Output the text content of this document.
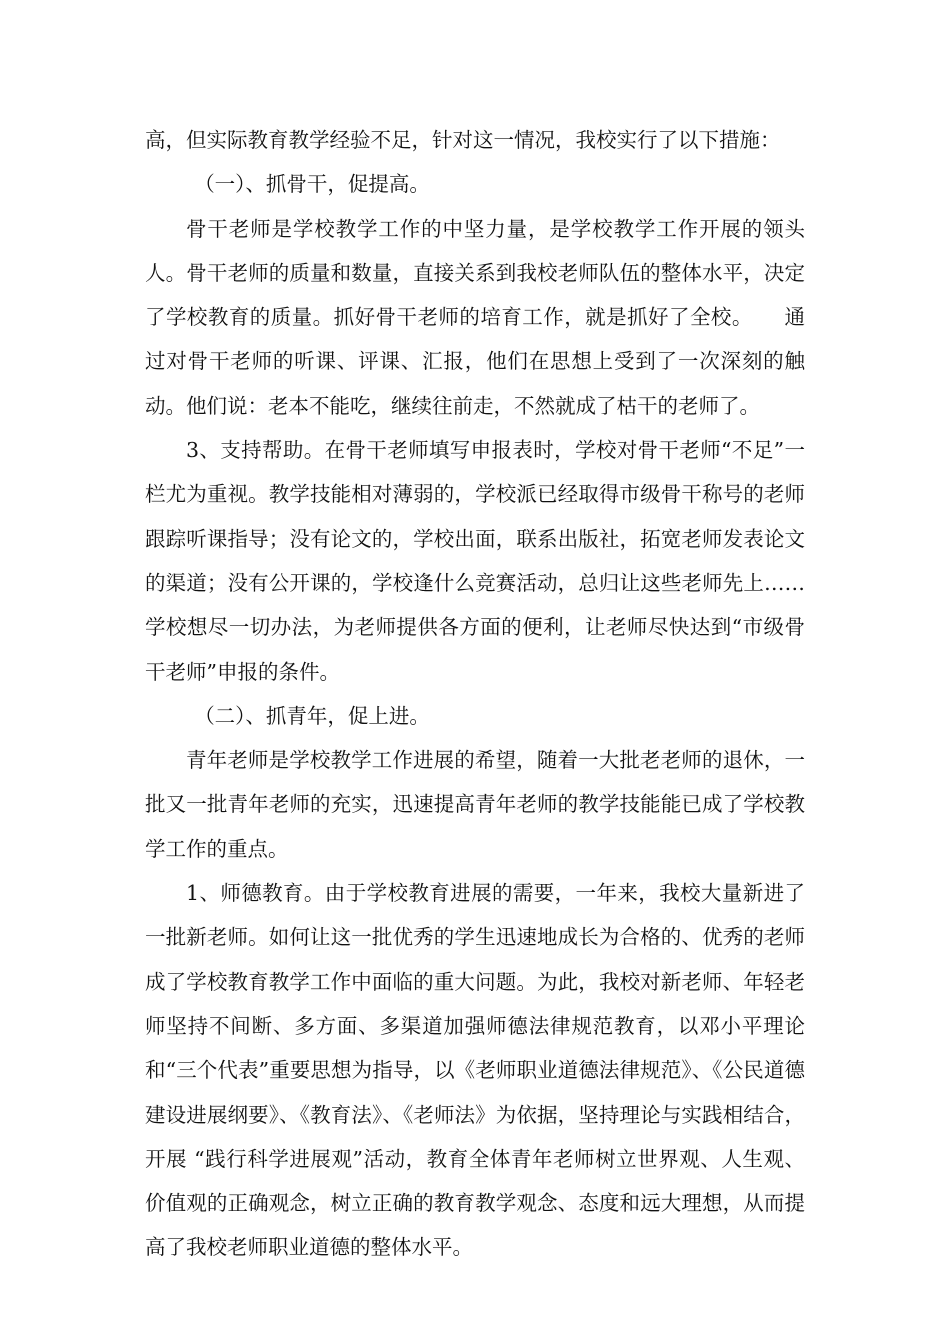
高，但实际教育教学经验不足，针对这一情况，我校实行了以下措施：

（一）、抓骨干，促提高。

骨干老师是学校教学工作的中坚力量，是学校教学工作开展的领头人。骨干老师的质量和数量，直接关系到我校老师队伍的整体水平，决定了学校教育的质量。抓好骨干老师的培育工作，就是抓好了全校。　　通过对骨干老师的听课、评课、汇报，他们在思想上受到了一次深刻的触动。他们说：老本不能吃，继续往前走，不然就成了枯干的老师了。

3、支持帮助。在骨干老师填写申报表时，学校对骨干老师“不足”一栏尤为重视。教学技能相对薄弱的，学校派已经取得市级骨干称号的老师跟踪听课指导；没有论文的，学校出面，联系出版社，拓宽老师发表论文的渠道；没有公开课的，学校逢什么竞赛活动，总归让这些老师先上……学校想尽一切办法，为老师提供各方面的便利，让老师尽快达到“市级骨干老师”申报的条件。

（二）、抓青年，促上进。

青年老师是学校教学工作进展的希望，随着一大批老老师的退休，一批又一批青年老师的充实，迅速提高青年老师的教学技能能已成了学校教学工作的重点。

1、师德教育。由于学校教育进展的需要，一年来，我校大量新进了一批新老师。如何让这一批优秀的学生迅速地成长为合格的、优秀的老师成了学校教育教学工作中面临的重大问题。为此，我校对新老师、年轻老师坚持不间断、多方面、多渠道加强师德法律规范教育，以邓小平理论和“三个代表”重要思想为指导，以《老师职业道德法律规范》、《公民道德建设进展纲要》、《教育法》、《老师法》为依据，坚持理论与实践相结合，开展 “践行科学进展观”活动，教育全体青年老师树立世界观、人生观、价值观的正确观念，树立正确的教育教学观念、态度和远大理想，从而提高了我校老师职业道德的整体水平。
